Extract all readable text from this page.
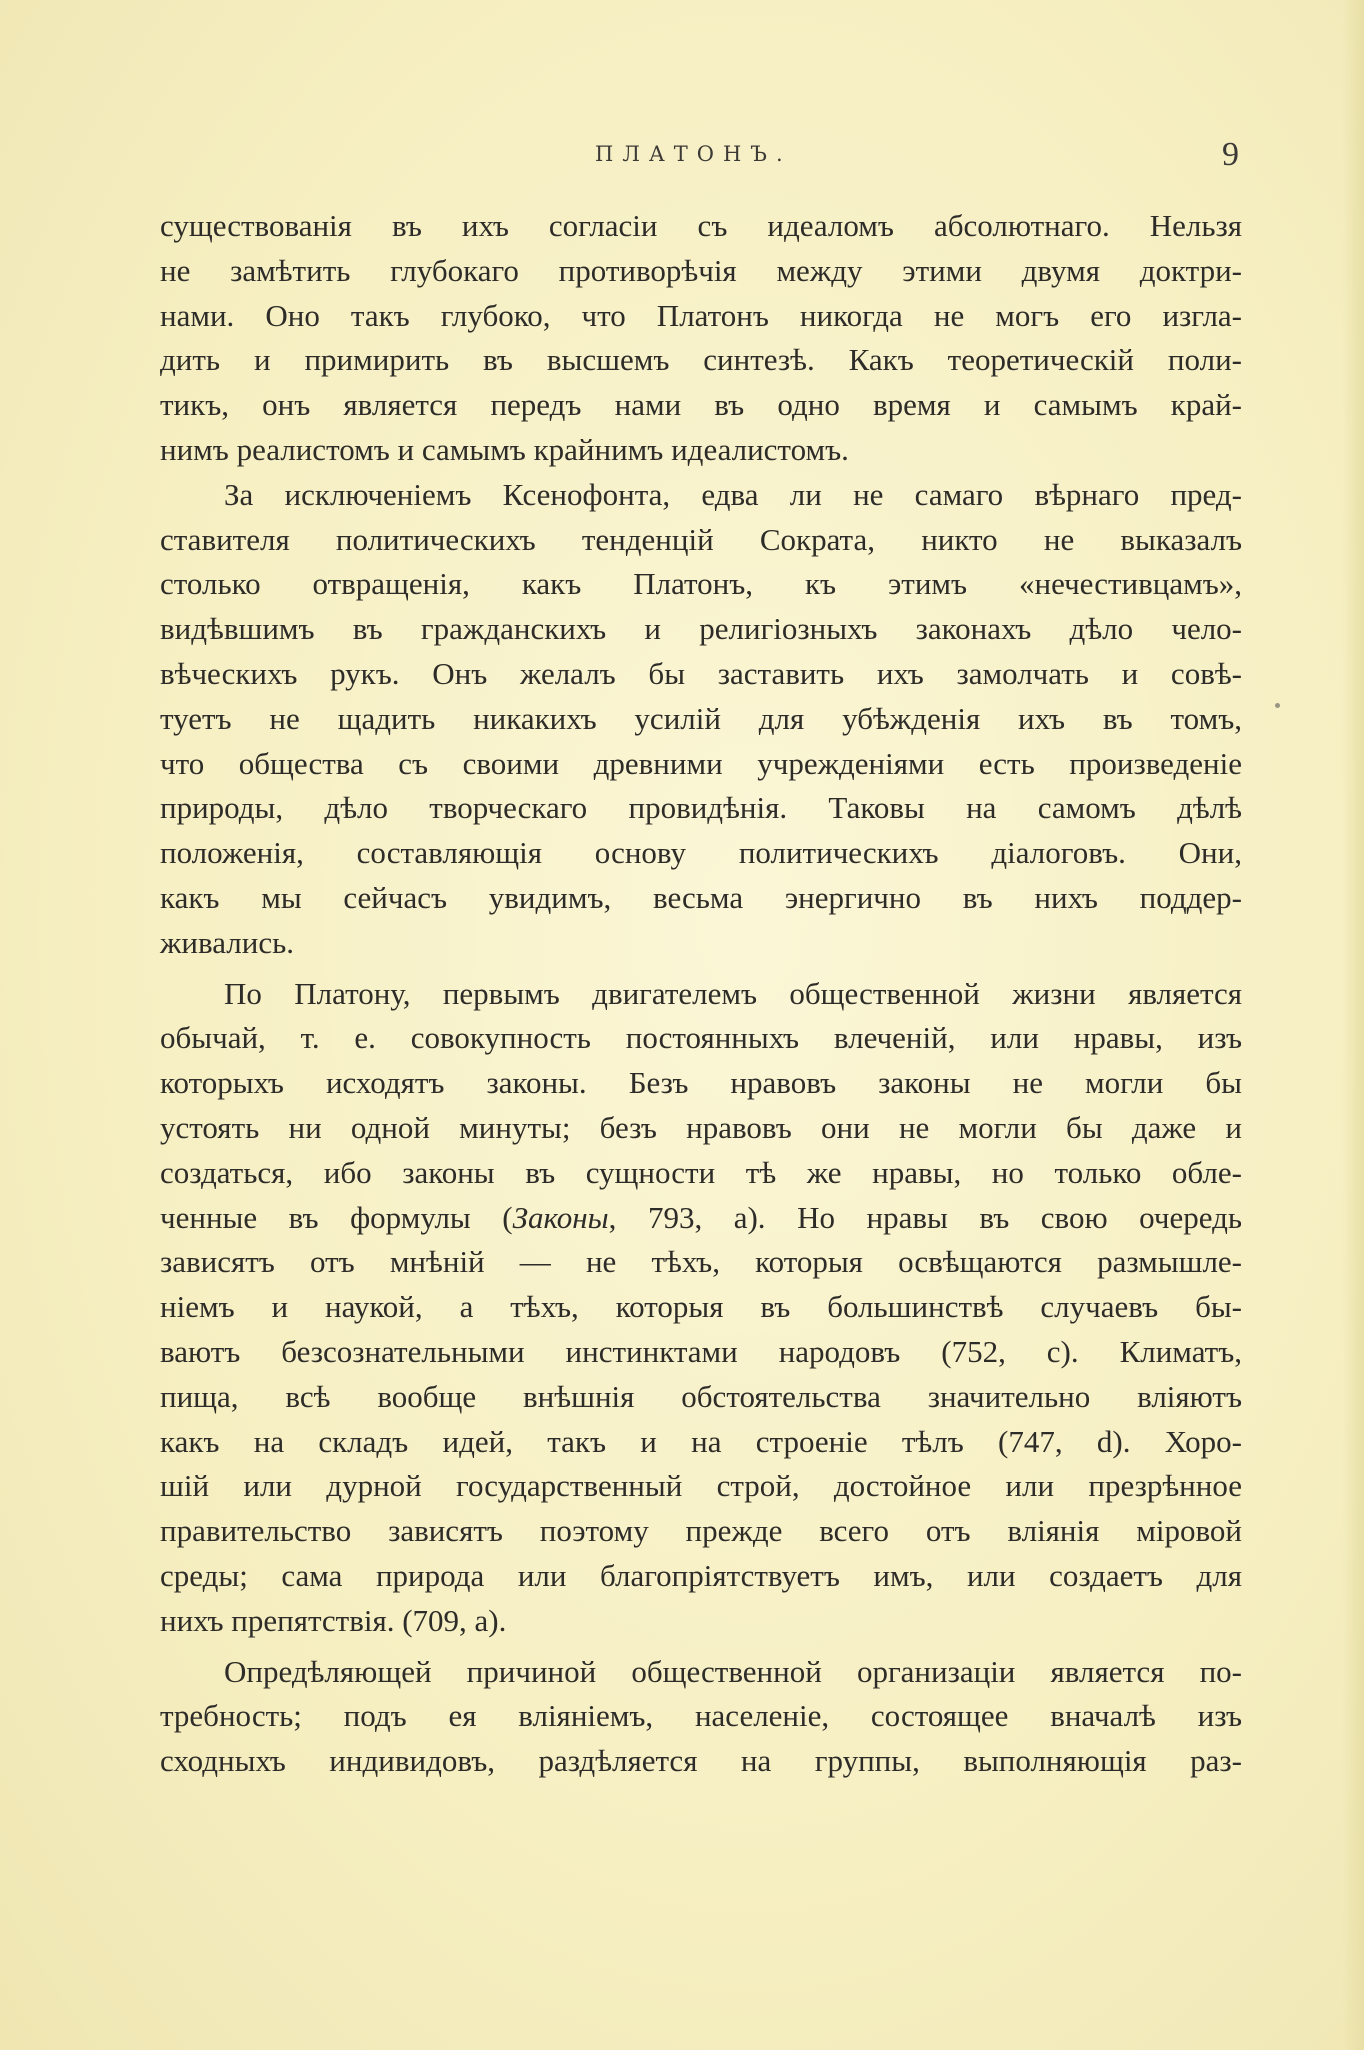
ПЛАТОНЪ.	9
существованія въ ихъ согласіи съ идеаломъ абсолютнаго. Нельзя
не замѣтить глубокаго противорѣчія между этими двумя доктри-
нами. Оно такъ глубоко, что Платонъ никогда не могъ его изгла-
дить и примирить въ высшемъ синтезѣ. Какъ теоретическій поли-
тикъ, онъ является передъ нами въ одно время и самымъ край-
нимъ реалистомъ и самымъ крайнимъ идеалистомъ.
За исключеніемъ Ксенофонта, едва ли не самаго вѣрнаго пред-
ставителя политическихъ тенденцій Сократа, никто не выказалъ
столько отвращенія, какъ Платонъ, къ этимъ «нечестивцамъ»,
видѣвшимъ въ гражданскихъ и религіозныхъ законахъ дѣло чело-
вѣческихъ рукъ. Онъ желалъ бы заставить ихъ замолчать и совѣ-
туетъ не щадить никакихъ усилій для убѣжденія ихъ въ томъ,
что общества съ своими древними учрежденіями есть произведеніе
природы, дѣло творческаго провидѣнія. Таковы на самомъ дѣлѣ
положенія, составляющія основу политическихъ діалоговъ. Они,
какъ мы сейчасъ увидимъ, весьма энергично въ нихъ поддер-
живались.
По Платону, первымъ двигателемъ общественной жизни является
обычай, т. е. совокупность постоянныхъ влеченій, или нравы, изъ
которыхъ исходятъ законы. Безъ нравовъ законы не могли бы
устоять ни одной минуты; безъ нравовъ они не могли бы даже и
создаться, ибо законы въ сущности тѣ же нравы, но только обле-
ченные въ формулы (Законы, 793, а). Но нравы въ свою очередь
зависятъ отъ мнѣній — не тѣхъ, которыя освѣщаются размышле-
ніемъ и наукой, а тѣхъ, которыя въ большинствѣ случаевъ бы-
ваютъ безсознательными инстинктами народовъ (752, с). Климатъ,
пища, всѣ вообще внѣшнія обстоятельства значительно вліяютъ
какъ на складъ идей, такъ и на строеніе тѣлъ (747, d). Хоро-
шій или дурной государственный строй, достойное или презрѣнное
правительство зависятъ поэтому прежде всего отъ вліянія міровой
среды; сама природа или благопріятствуетъ имъ, или создаетъ для
нихъ препятствія. (709, а).
Опредѣляющей причиной общественной организаціи является по-
требность; подъ ея вліяніемъ, населеніе, состоящее вначалѣ изъ
сходныхъ индивидовъ, раздѣляется на группы, выполняющія раз-
